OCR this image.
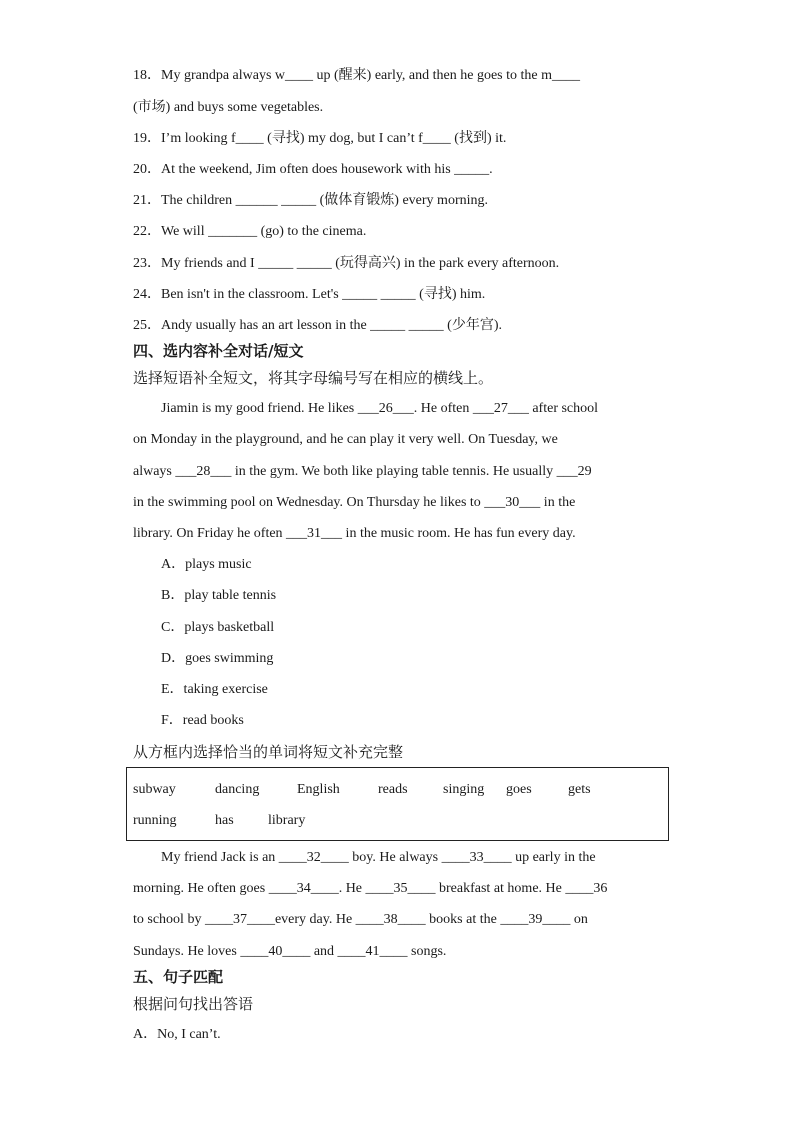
18．My grandpa always w____ up (醒来) early, and then he goes to the m____
(市场) and buys some vegetables.
19．I’m looking f____ (寻找) my dog, but I can’t f____ (找到) it.
20．At the weekend, Jim often does housework with his _____.
21．The children ______ _____ (做体育锻炼) every morning.
22．We will _______ (go) to the cinema.
23．My friends and I _____ _____ (玩得高兴) in the park every afternoon.
24．Ben isn't in the classroom. Let's _____ _____ (寻找) him.
25．Andy usually has an art lesson in the _____ _____ (少年宫).
四、选内容补全对话/短文
选择短语补全短文，将其字母编号写在相应的横线上。
Jiamin is my good friend. He likes ___26___. He often ___27___ after school
on Monday in the playground, and he can play it very well. On Tuesday, we
always ___28___ in the gym. We both like playing table tennis. He usually ___29
in the swimming pool on Wednesday. On Thursday he likes to ___30___ in the
library. On Friday he often ___31___ in the music room. He has fun every day.
A．plays music
B．play table tennis
C．plays basketball
D．goes swimming
E．taking exercise
F．read books
从方框内选择恰当的单词将短文补充完整
subway	dancing	English	reads	singing goes	gets
running	has library
My friend Jack is an ____32____ boy. He always ____33____ up early in the
morning. He often goes ____34____. He ____35____ breakfast at home. He ____36
to school by ____37____every day. He ____38____ books at the ____39____ on
Sundays. He loves ____40____ and ____41____ songs.
五、句子匹配
根据问句找出答语
A．No, I can’t.
